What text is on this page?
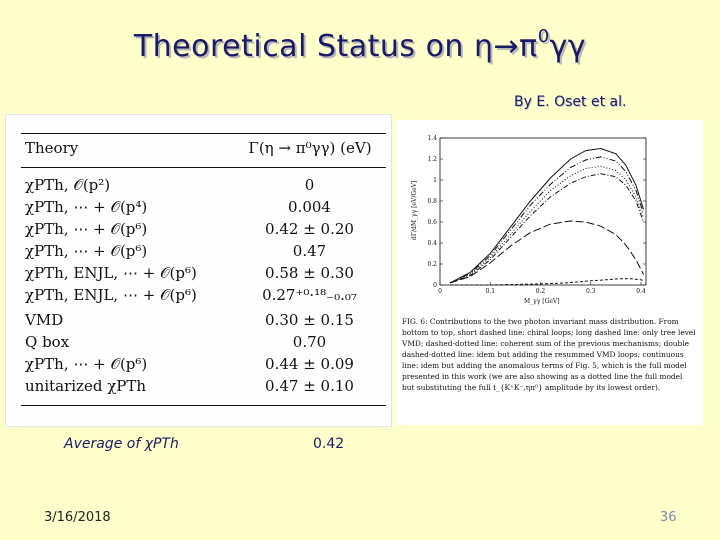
Theoretical Status on $\eta\to\pi^0\gamma\gamma$
By E. Oset et al.
Theory	Γ(η → π⁰γγ) (eV)
χPTh, 𝒪(p²)	0
χPTh, ⋯ + 𝒪(p⁴)	0.004
χPTh, ⋯ + 𝒪(p⁶)	0.42 ± 0.20
χPTh, ⋯ + 𝒪(p⁶)	0.47
χPTh, ENJL, ⋯ + 𝒪(p⁶)	0.58 ± 0.30
χPTh, ENJL, ⋯ + 𝒪(p⁶)	0.27⁺⁰·¹⁸₋₀.₀₇
VMD	0.30 ± 0.15
Q box	0.70
χPTh, ⋯ + 𝒪(p⁶)	0.44 ± 0.09
unitarized χPTh	0.47 ± 0.10
dΓ/dM_γγ [eV/GeV]
M_γγ [GeV]
0
0.2
0.4
0.6
0.8
1
1.2
1.4
0	0.1	0.2	0.3	0.4
FIG. 6: Contributions to the two photon invariant mass distribution. From bottom to top, short dashed line: chiral loops; long dashed line: only tree level VMD; dashed-dotted line: coherent sum of the previous mechanisms; double dashed-dotted line: idem but adding the resummed VMD loops; continuous line: idem but adding the anomalous terms of Fig. 5, which is the full model presented in this work (we are also showing as a dotted line the full model but substituting the full t_{K⁺K⁻,ηπ⁰} amplitude by its lowest order).
Average of χPTh	0.42
3/16/2018	36
